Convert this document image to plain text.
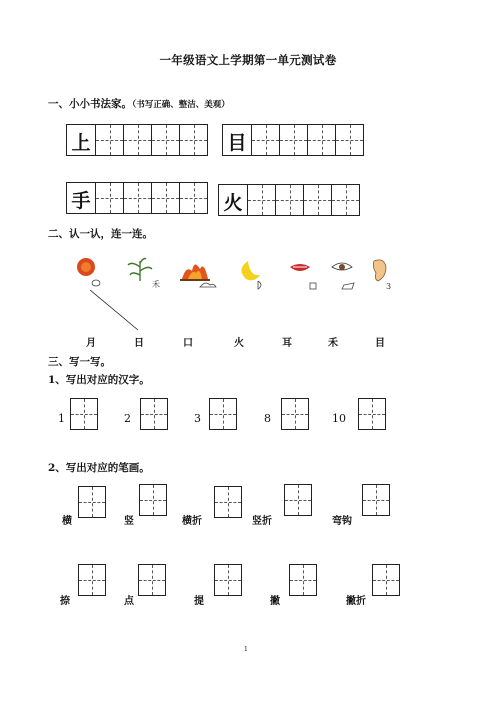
一年级语文上学期第一单元测试卷
一、小小书法家。（书写正确、整洁、美观）
上	目
手	火
二、认一认，连一连。
禾	3
月	日	口	火	耳	禾	目
三、写一写。
1、写出对应的汉字。
1	2	3	8	10
2、写出对应的笔画。
横	竖	横折	竖折	弯钩
捺	点	提	撇	撇折
1
